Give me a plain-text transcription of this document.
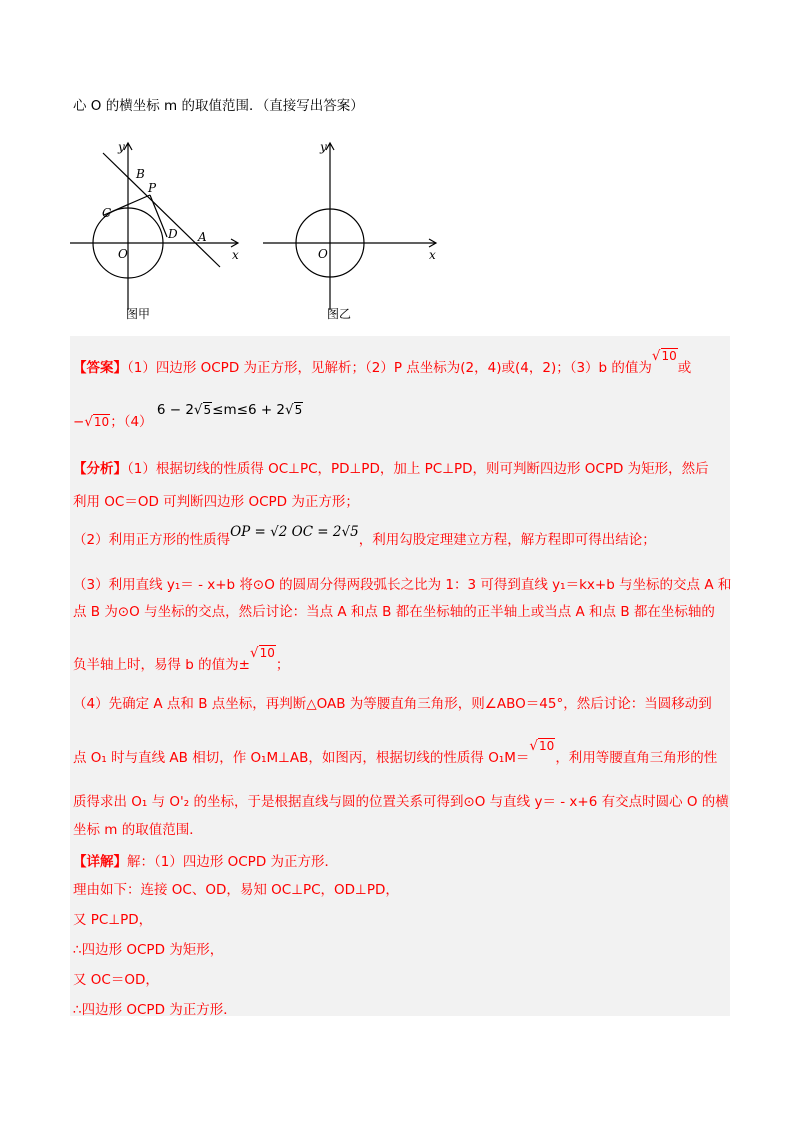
心 O 的横坐标 m 的取值范围．（直接写出答案）
y
x
O
A
B
C
D
P
图甲
y
x
O
图乙
【答案】（1）四边形 OCPD 为正方形，见解析；（2）P 点坐标为(2，4)或(4，2)；（3）b 的值为√10或
−√10；（4） 6 − 2√5≤m≤6 + 2√5
【分析】（1）根据切线的性质得 OC⊥PC，PD⊥PD，加上 PC⊥PD，则可判断四边形 OCPD 为矩形，然后
利用 OC＝OD 可判断四边形 OCPD 为正方形；
（2）利用正方形的性质得OP = √2 OC = 2√5，利用勾股定理建立方程，解方程即可得出结论；
（3）利用直线 y₁＝ - x+b 将⊙O 的圆周分得两段弧长之比为 1：3 可得到直线 y₁＝kx+b 与坐标的交点 A 和
点 B 为⊙O 与坐标的交点，然后讨论：当点 A 和点 B 都在坐标轴的正半轴上或当点 A 和点 B 都在坐标轴的
负半轴上时，易得 b 的值为±√10；
（4）先确定 A 点和 B 点坐标，再判断△OAB 为等腰直角三角形，则∠ABO＝45°，然后讨论：当圆移动到
点 O₁ 时与直线 AB 相切，作 O₁M⊥AB，如图丙，根据切线的性质得 O₁M＝√10，利用等腰直角三角形的性
质得求出 O₁ 与 O'₂ 的坐标，于是根据直线与圆的位置关系可得到⊙O 与直线 y＝ - x+6 有交点时圆心 O 的横
坐标 m 的取值范围．
【详解】解：（1）四边形 OCPD 为正方形．
理由如下：连接 OC、OD，易知 OC⊥PC，OD⊥PD，
又 PC⊥PD，
∴四边形 OCPD 为矩形，
又 OC＝OD，
∴四边形 OCPD 为正方形．
